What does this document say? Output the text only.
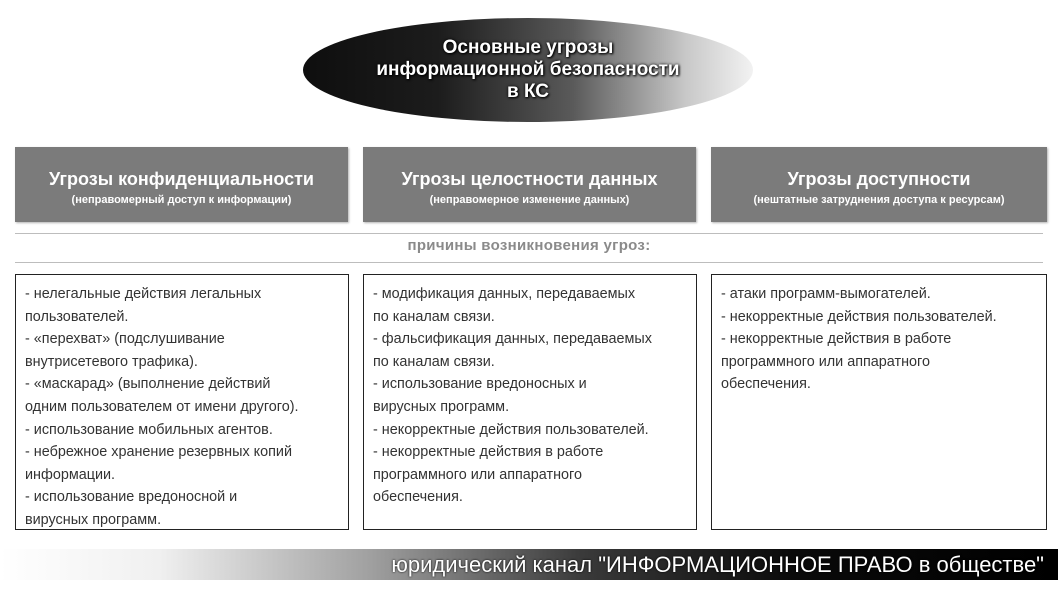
Основные угрозы
информационной безопасности
в КС
Угрозы конфиденциальности
(неправомерный доступ к информации)
Угрозы целостности данных
(неправомерное изменение данных)
Угрозы доступности
(нештатные затруднения доступа к ресурсам)
причины возникновения угроз:
- нелегальные действия легальных
пользователей.
- «перехват» (подслушивание
внутрисетевого трафика).
- «маскарад» (выполнение действий
одним пользователем от имени другого).
- использование мобильных агентов.
- небрежное хранение резервных копий
информации.
- использование вредоносной и
вирусных программ.
- модификация данных, передаваемых
по каналам связи.
- фальсификация данных, передаваемых
по каналам связи.
- использование вредоносных и
вирусных программ.
- некорректные действия пользователей.
- некорректные действия в работе
программного или аппаратного
обеспечения.
- атаки программ-вымогателей.
- некорректные действия пользователей.
- некорректные действия в работе
программного или аппаратного
обеспечения.
юридический канал "ИНФОРМАЦИОННОЕ ПРАВО в обществе"
